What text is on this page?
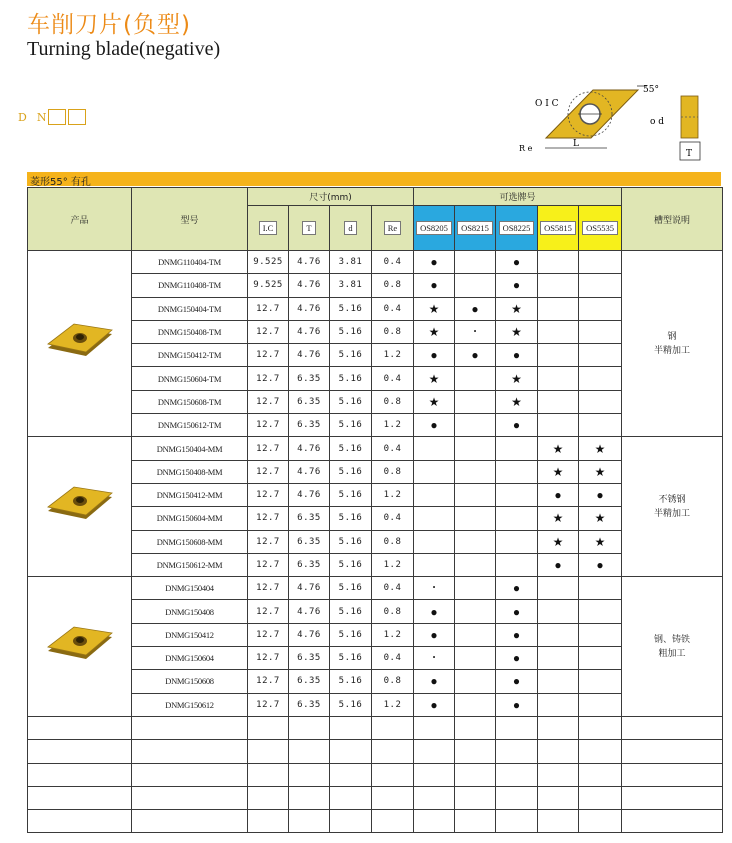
车削刀片(负型)
Turning blade(negative)
D N
O I C
55°
R e	L
o d
T
菱形55° 有孔
产品	型号	尺寸(mm)				可选牌号					槽型说明
		I.C	T	d	Re	OS8205	OS8215	OS8225	OS5815	OS5535	

	DNMG110404-TM	9.525	4.76	3.81	0.4	●		●			钢
半精加工

	DNMG110408-TM	9.525	4.76	3.81	0.8	●		●			
	DNMG150404-TM	12.7	4.76	5.16	0.4	★	●	★			
	DNMG150408-TM	12.7	4.76	5.16	0.8	★	•	★			
	DNMG150412-TM	12.7	4.76	5.16	1.2	●	●	●			
	DNMG150604-TM	12.7	6.35	5.16	0.4	★		★			
	DNMG150608-TM	12.7	6.35	5.16	0.8	★		★			
	DNMG150612-TM	12.7	6.35	5.16	1.2	●		●			

	DNMG150404-MM	12.7	4.76	5.16	0.4				★	★	不锈钢
半精加工

	DNMG150408-MM	12.7	4.76	5.16	0.8				★	★	
	DNMG150412-MM	12.7	4.76	5.16	1.2				●	●	
	DNMG150604-MM	12.7	6.35	5.16	0.4				★	★	
	DNMG150608-MM	12.7	6.35	5.16	0.8				★	★	
	DNMG150612-MM	12.7	6.35	5.16	1.2				●	●	

	DNMG150404	12.7	4.76	5.16	0.4	•		●			钢、铸铁
粗加工

	DNMG150408	12.7	4.76	5.16	0.8	●		●			
	DNMG150412	12.7	4.76	5.16	1.2	●		●			
	DNMG150604	12.7	6.35	5.16	0.4	•		●			
	DNMG150608	12.7	6.35	5.16	0.8	●		●			
	DNMG150612	12.7	6.35	5.16	1.2	●		●			
